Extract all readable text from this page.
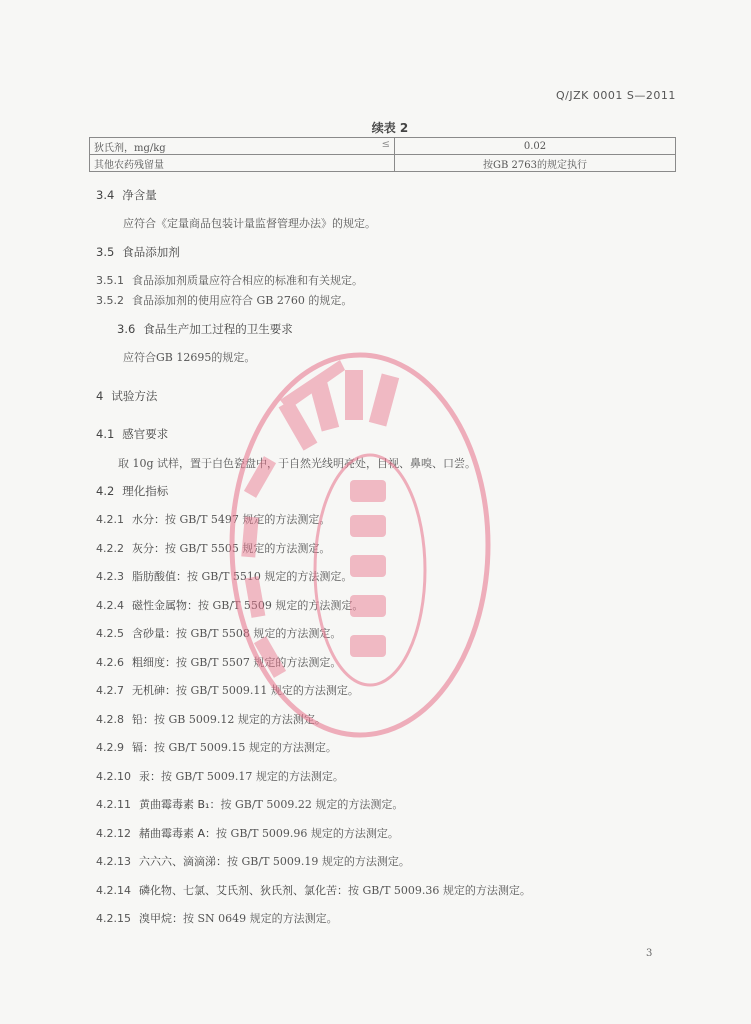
Q/JZK 0001 S—2011
续表 2
狄氏剂，mg/kg ≤	0.02
其他农药残留量	按GB 2763的规定执行
3.4 净含量
应符合《定量商品包装计量监督管理办法》的规定。
3.5 食品添加剂
3.5.1 食品添加剂质量应符合相应的标准和有关规定。
3.5.2 食品添加剂的使用应符合 GB 2760 的规定。
3.6 食品生产加工过程的卫生要求
应符合GB 12695的规定。
4 试验方法
4.1 感官要求
取 10g 试样，置于白色瓷盘中，于自然光线明亮处，目视、鼻嗅、口尝。
4.2 理化指标
4.2.1 水分：按 GB/T 5497 规定的方法测定。
4.2.2 灰分：按 GB/T 5505 规定的方法测定。
4.2.3 脂肪酸值：按 GB/T 5510 规定的方法测定。
4.2.4 磁性金属物：按 GB/T 5509 规定的方法测定。
4.2.5 含砂量：按 GB/T 5508 规定的方法测定。
4.2.6 粗细度：按 GB/T 5507 规定的方法测定。
4.2.7 无机砷：按 GB/T 5009.11 规定的方法测定。
4.2.8 铅：按 GB 5009.12 规定的方法测定。
4.2.9 镉：按 GB/T 5009.15 规定的方法测定。
4.2.10 汞：按 GB/T 5009.17 规定的方法测定。
4.2.11 黄曲霉毒素 B₁：按 GB/T 5009.22 规定的方法测定。
4.2.12 赭曲霉毒素 A：按 GB/T 5009.96 规定的方法测定。
4.2.13 六六六、滴滴涕：按 GB/T 5009.19 规定的方法测定。
4.2.14 磷化物、七氯、艾氏剂、狄氏剂、氯化苦：按 GB/T 5009.36 规定的方法测定。
4.2.15 溴甲烷：按 SN 0649 规定的方法测定。
3
